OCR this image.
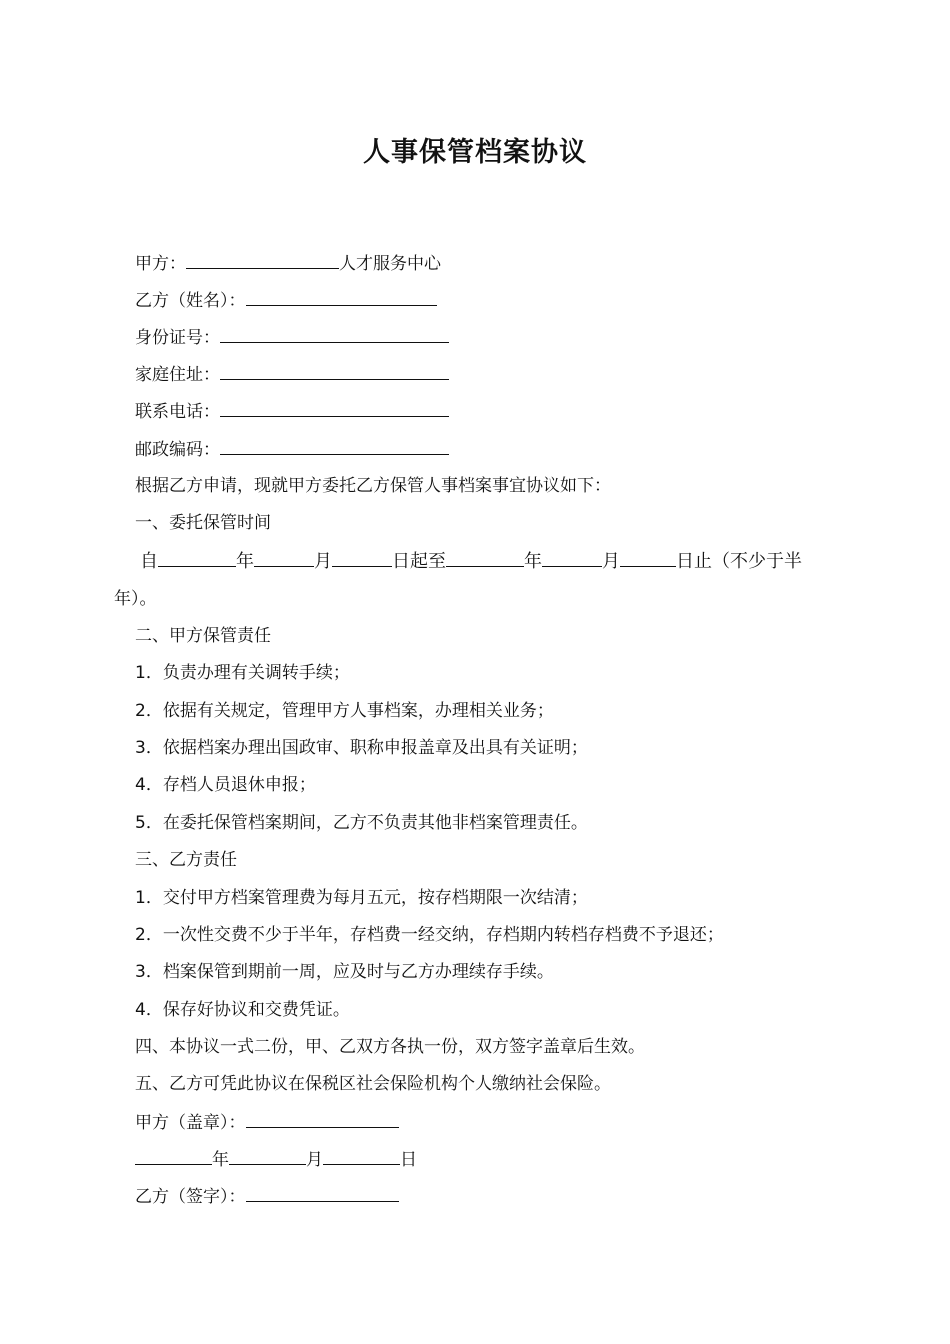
人事保管档案协议
甲方：	人才服务中心
乙方（姓名）：
身份证号：
家庭住址：
联系电话：
邮政编码：
根据乙方申请，现就甲方委托乙方保管人事档案事宜协议如下：
一、委托保管时间
自	年	月	日起至	年	月	日止（不少于半
年）。
二、甲方保管责任
1．负责办理有关调转手续；
2．依据有关规定，管理甲方人事档案，办理相关业务；
3．依据档案办理出国政审、职称申报盖章及出具有关证明；
4．存档人员退休申报；
5．在委托保管档案期间，乙方不负责其他非档案管理责任。
三、乙方责任
1．交付甲方档案管理费为每月五元，按存档期限一次结清；
2．一次性交费不少于半年，存档费一经交纳，存档期内转档存档费不予退还；
3．档案保管到期前一周，应及时与乙方办理续存手续。
4．保存好协议和交费凭证。
四、本协议一式二份，甲、乙双方各执一份，双方签字盖章后生效。
五、乙方可凭此协议在保税区社会保险机构个人缴纳社会保险。
甲方（盖章）：
年	月	日
乙方（签字）：
